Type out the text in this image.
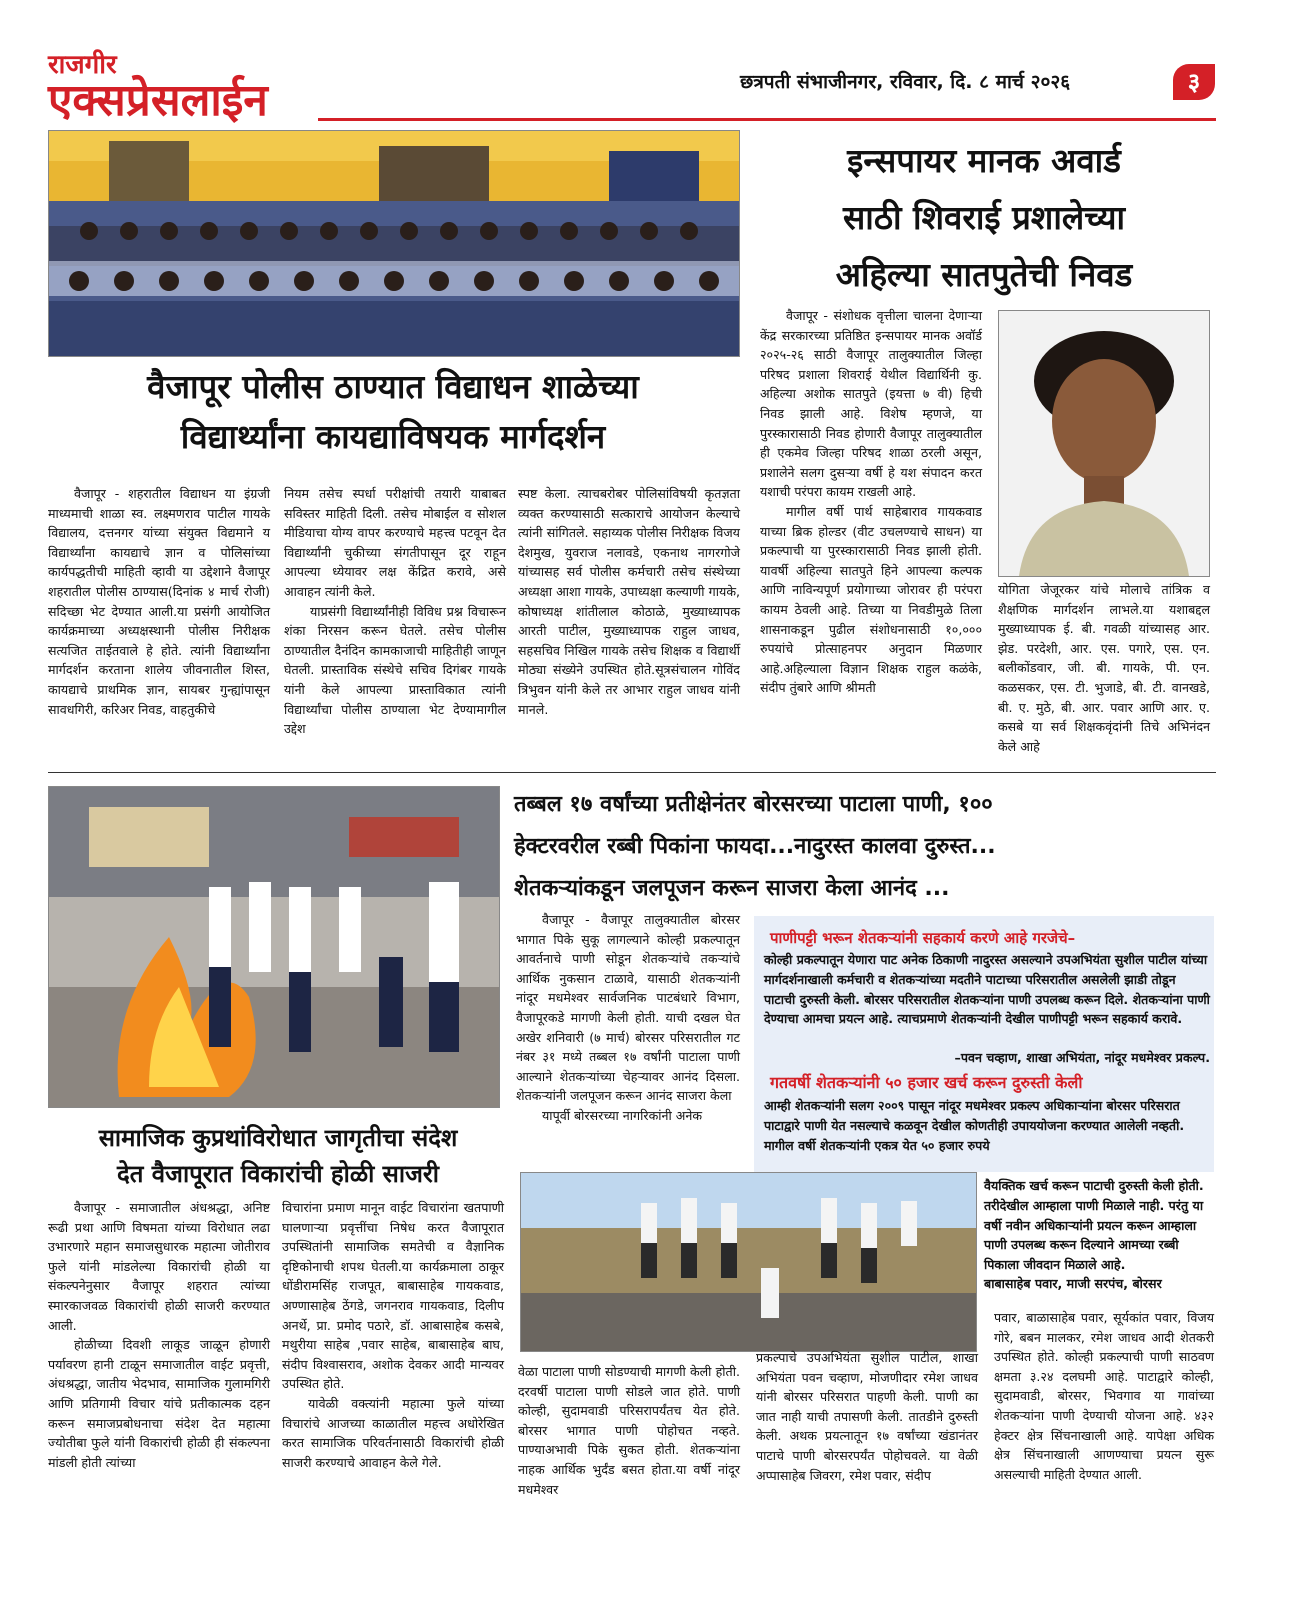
राजगीर
एक्सप्रेसलाईन	छत्रपती संभाजीनगर, रविवार, दि. ८ मार्च २०२६	३
वैजापूर पोलीस ठाण्यात विद्याधन शाळेच्या
विद्यार्थ्यांना कायद्याविषयक मार्गदर्शन

वैजापूर - शहरातील विद्याधन या इंग्रजी माध्यमाची शाळा स्व. लक्ष्मणराव पाटील गायके विद्यालय, दत्तनगर यांच्या संयुक्त विद्यमाने य विद्यार्थ्यांना कायद्याचे ज्ञान व पोलिसांच्या कार्यपद्धतीची माहिती व्हावी या उद्देशाने वैजापूर शहरातील पोलीस ठाण्यास(दिनांक ४ मार्च रोजी) सदिच्छा भेट देण्यात आली.या प्रसंगी आयोजित कार्यक्रमाच्या अध्यक्षस्थानी पोलीस निरीक्षक सत्यजित ताईतवाले हे होते. त्यांनी विद्यार्थ्यांना मार्गदर्शन करताना शालेय जीवनातील शिस्त, कायद्याचे प्राथमिक ज्ञान, सायबर गुन्ह्यांपासून सावधगिरी, करिअर निवड, वाहतुकीचे

नियम तसेच स्पर्धा परीक्षांची तयारी याबाबत सविस्तर माहिती दिली. तसेच मोबाईल व सोशल मीडियाचा योग्य वापर करण्याचे महत्त्व पटवून देत विद्यार्थ्यांनी चुकीच्या संगतीपासून दूर राहून आपल्या ध्येयावर लक्ष केंद्रित करावे, असे आवाहन त्यांनी केले.

याप्रसंगी विद्यार्थ्यांनीही विविध प्रश्न विचारून शंका निरसन करून घेतले. तसेच पोलीस ठाण्यातील दैनंदिन कामकाजाची माहितीही जाणून घेतली. प्रास्ताविक संस्थेचे सचिव दिगंबर गायके यांनी केले आपल्या प्रास्ताविकात त्यांनी विद्यार्थ्यांचा पोलीस ठाण्याला भेट देण्यामागील उद्देश

स्पष्ट केला. त्याचबरोबर पोलिसांविषयी कृतज्ञता व्यक्त करण्यासाठी सत्काराचे आयोजन केल्याचे त्यांनी सांगितले. सहाय्यक पोलीस निरीक्षक विजय देशमुख, युवराज नलावडे, एकनाथ नागरगोजे यांच्यासह सर्व पोलीस कर्मचारी तसेच संस्थेच्या अध्यक्षा आशा गायके, उपाध्यक्षा कल्याणी गायके, कोषाध्यक्ष शांतीलाल कोठाळे, मुख्याध्यापक आरती पाटील, मुख्याध्यापक राहुल जाधव, सहसचिव निखिल गायके तसेच शिक्षक व विद्यार्थी मोठ्या संख्येने उपस्थित होते.सूत्रसंचालन गोविंद त्रिभुवन यांनी केले तर आभार राहुल जाधव यांनी मानले.

इन्सपायर मानक अवार्ड
साठी शिवराई प्रशालेच्या
अहिल्या सातपुतेची निवड

वैजापूर - संशोधक वृत्तीला चालना देणाऱ्या केंद्र सरकारच्या प्रतिष्ठित इन्सपायर मानक अवॉर्ड २०२५-२६ साठी वैजापूर तालुक्यातील जिल्हा परिषद प्रशाला शिवराई येथील विद्यार्थिनी कु. अहिल्या अशोक सातपुते (इयत्ता ७ वी) हिची निवड झाली आहे. विशेष म्हणजे, या पुरस्कारासाठी निवड होणारी वैजापूर तालुक्यातील ही एकमेव जिल्हा परिषद शाळा ठरली असून, प्रशालेने सलग दुसऱ्या वर्षी हे यश संपादन करत यशाची परंपरा कायम राखली आहे.

मागील वर्षी पार्थ साहेबाराव गायकवाड याच्या ब्रिक होल्डर (वीट उचलण्याचे साधन) या प्रकल्पाची या पुरस्कारासाठी निवड झाली होती. यावर्षी अहिल्या सातपुते हिने आपल्या कल्पक आणि नाविन्यपूर्ण प्रयोगाच्या जोरावर ही परंपरा कायम ठेवली आहे. तिच्या या निवडीमुळे तिला शासनाकडून पुढील संशोधनासाठी १०,००० रुपयांचे प्रोत्साहनपर अनुदान मिळणार आहे.अहिल्याला विज्ञान शिक्षक राहुल कळंके, संदीप तुंबारे आणि श्रीमती

योगिता जेजूरकर यांचे मोलाचे तांत्रिक व शैक्षणिक मार्गदर्शन लाभले.या यशाबद्दल मुख्याध्यापक ई. बी. गवळी यांच्यासह आर. झेड. परदेशी, आर. एस. पगारे, एस. एन. बलीकोंडवार, जी. बी. गायके, पी. एन. कळसकर, एस. टी. भुजाडे, बी. टी. वानखडे, बी. ए. मुठे, बी. आर. पवार आणि आर. ए. कसबे या सर्व शिक्षकवृंदांनी तिचे अभिनंदन केले आहे

सामाजिक कुप्रथांविरोधात जागृतीचा संदेश
देत वैजापूरात विकारांची होळी साजरी

वैजापूर - समाजातील अंधश्रद्धा, अनिष्ट रूढी प्रथा आणि विषमता यांच्या विरोधात लढा उभारणारे महान समाजसुधारक महात्मा जोतीराव फुले यांनी मांडलेल्या विकारांची होळी या संकल्पनेनुसार वैजापूर शहरात त्यांच्या स्मारकाजवळ विकारांची होळी साजरी करण्यात आली.

होळीच्या दिवशी लाकूड जाळून होणारी पर्यावरण हानी टाळून समाजातील वाईट प्रवृत्ती, अंधश्रद्धा, जातीय भेदभाव, सामाजिक गुलामगिरी आणि प्रतिगामी विचार यांचे प्रतीकात्मक दहन करून समाजप्रबोधनाचा संदेश देत महात्मा ज्योतीबा फुले यांनी विकारांची होळी ही संकल्पना मांडली होती त्यांच्या

विचारांना प्रमाण मानून वाईट विचारांना खतपाणी घालणाऱ्या प्रवृत्तींचा निषेध करत वैजापूरात उपस्थितांनी सामाजिक समतेची व वैज्ञानिक दृष्टिकोनाची शपथ घेतली.या कार्यक्रमाला ठाकूर धोंडीरामसिंह राजपूत, बाबासाहेब गायकवाड, अण्णासाहेब ठेंगडे, जगनराव गायकवाड, दिलीप अनर्थे, प्रा. प्रमोद पठारे, डॉ. आबासाहेब कसबे, मथुरीया साहेब ,पवार साहेब, बाबासाहेब बाघ, संदीप विश्वासराव, अशोक देवकर आदी मान्यवर उपस्थित होते.

यावेळी वक्त्यांनी महात्मा फुले यांच्या विचारांचे आजच्या काळातील महत्त्व अधोरेखित करत सामाजिक परिवर्तनासाठी विकारांची होळी साजरी करण्याचे आवाहन केले गेले.

तब्बल १७ वर्षांच्या प्रतीक्षेनंतर बोरसरच्या पाटाला पाणी, १००
हेक्टरवरील रब्बी पिकांना फायदा...नादुरस्त कालवा दुरुस्त...
शेतकऱ्यांकडून जलपूजन करून साजरा केला आनंद ...

वैजापूर - वैजापूर तालुक्यातील बोरसर भागात पिके सुकू लागल्याने कोल्ही प्रकल्पातून आवर्तनाचे पाणी सोडून शेतकऱ्यांचे तकऱ्यांचे आर्थिक नुकसान टाळावे, यासाठी शेतकऱ्यांनी नांदूर मधमेश्वर सार्वजनिक पाटबंधारे विभाग, वैजापूरकडे मागणी केली होती. याची दखल घेत अखेर शनिवारी (७ मार्च) बोरसर परिसरातील गट नंबर ३१ मध्ये तब्बल १७ वर्षांनी पाटाला पाणी आल्याने शेतकऱ्यांच्या चेहऱ्यावर आनंद दिसला. शेतकऱ्यांनी जलपूजन करून आनंद साजरा केला

यापूर्वी बोरसरच्या नागरिकांनी अनेक

पाणीपट्टी भरून शेतकऱ्यांनी सहकार्य करणे आहे गरजेचे–
कोल्ही प्रकल्पातून येणारा पाट अनेक ठिकाणी नादुरस्त असल्याने उपअभियंता सुशील पाटील यांच्या मार्गदर्शनाखाली कर्मचारी व शेतकऱ्यांच्या मदतीने पाटाच्या परिसरातील असलेली झाडी तोडून पाटाची दुरुस्ती केली. बोरसर परिसरातील शेतकऱ्यांना पाणी उपलब्ध करून दिले. शेतकऱ्यांना पाणी देण्याचा आमचा प्रयत्न आहे. त्याचप्रमाणे शेतकऱ्यांनी देखील पाणीपट्टी भरून सहकार्य करावे.
–पवन चव्हाण, शाखा अभियंता, नांदूर मधमेश्वर प्रकल्प.
गतवर्षी शेतकऱ्यांनी ५० हजार खर्च करून दुरुस्ती केली
आम्ही शेतकऱ्यांनी सलग २००९ पासून नांदूर मधमेश्वर प्रकल्प अधिकाऱ्यांना बोरसर परिसरात पाटाद्वारे पाणी येत नसल्याचे कळवून देखील कोणतीही उपाययोजना करण्यात आलेली नव्हती. मागील वर्षी शेतकऱ्यांनी एकत्र येत ५० हजार रुपये
वैयक्तिक खर्च करून पाटाची दुरुस्ती केली होती. तरीदेखील आम्हाला पाणी मिळाले नाही. परंतु या वर्षी नवीन अधिकाऱ्यांनी प्रयत्न करून आम्हाला पाणी उपलब्ध करून दिल्याने आमच्या रब्बी पिकाला जीवदान मिळाले आहे.
बाबासाहेब पवार, माजी सरपंच, बोरसर

वेळा पाटाला पाणी सोडण्याची मागणी केली होती. दरवर्षी पाटाला पाणी सोडले जात होते. पाणी कोल्ही, सुदामवाडी परिसरापर्यंतच येत होते. बोरसर भागात पाणी पोहोचत नव्हते. पाण्याअभावी पिके सुकत होती. शेतकऱ्यांना नाहक आर्थिक भुर्दंड बसत होता.या वर्षी नांदूर मधमेश्वर

प्रकल्पाचे उपअभियंता सुशील पाटील, शाखा अभियंता पवन चव्हाण, मोजणीदार रमेश जाधव यांनी बोरसर परिसरात पाहणी केली. पाणी का जात नाही याची तपासणी केली. तातडीने दुरुस्ती केली. अथक प्रयत्नातून १७ वर्षांच्या खंडानंतर पाटाचे पाणी बोरसरपर्यंत पोहोचवले. या वेळी अप्पासाहेब जिवरग, रमेश पवार, संदीप

पवार, बाळासाहेब पवार, सूर्यकांत पवार, विजय गोरे, बबन मालकर, रमेश जाधव आदी शेतकरी उपस्थित होते. कोल्ही प्रकल्पाची पाणी साठवण क्षमता ३.२४ दलघमी आहे. पाटाद्वारे कोल्ही, सुदामवाडी, बोरसर, भिवगाव या गावांच्या शेतकऱ्यांना पाणी देण्याची योजना आहे. ४३२ हेक्टर क्षेत्र सिंचनाखाली आहे. यापेक्षा अधिक क्षेत्र सिंचनाखाली आणण्याचा प्रयत्न सुरू असल्याची माहिती देण्यात आली.
